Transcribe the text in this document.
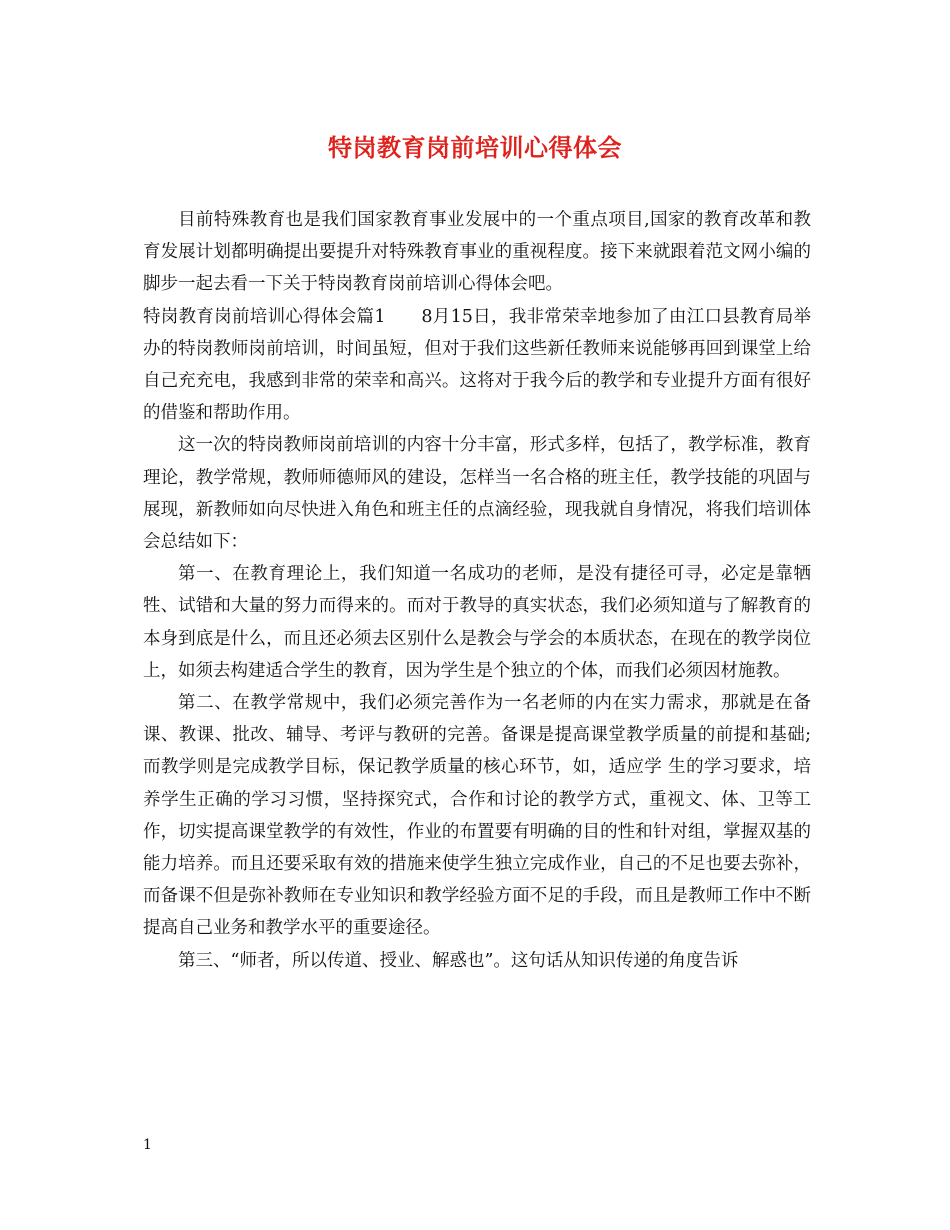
特岗教育岗前培训心得体会

目前特殊教育也是我们国家教育事业发展中的一个重点项目,国家的教育改革和教育发展计划都明确提出要提升对特殊教育事业的重视程度。接下来就跟着范文网小编的脚步一起去看一下关于特岗教育岗前培训心得体会吧。

特岗教育岗前培训心得体会篇1　　8月15日，我非常荣幸地参加了由江口县教育局举办的特岗教师岗前培训，时间虽短，但对于我们这些新任教师来说能够再回到课堂上给自己充充电，我感到非常的荣幸和高兴。这将对于我今后的教学和专业提升方面有很好的借鉴和帮助作用。

这一次的特岗教师岗前培训的内容十分丰富，形式多样，包括了，教学标准，教育理论，教学常规，教师师德师风的建设，怎样当一名合格的班主任，教学技能的巩固与展现，新教师如向尽快进入角色和班主任的点滴经验，现我就自身情况，将我们培训体会总结如下：

第一、在教育理论上，我们知道一名成功的老师，是没有捷径可寻，必定是靠牺牲、试错和大量的努力而得来的。而对于教导的真实状态，我们必须知道与了解教育的本身到底是什么，而且还必须去区别什么是教会与学会的本质状态，在现在的教学岗位上，如须去构建适合学生的教育，因为学生是个独立的个体，而我们必须因材施教。

第二、在教学常规中，我们必须完善作为一名老师的内在实力需求，那就是在备课、教课、批改、辅导、考评与教研的完善。备课是提高课堂教学质量的前提和基础;而教学则是完成教学目标，保记教学质量的核心环节，如，适应学 生的学习要求，培养学生正确的学习习惯，坚持探究式，合作和讨论的教学方式，重视文、体、卫等工作，切实提高课堂教学的有效性，作业的布置要有明确的目的性和针对组，掌握双基的能力培养。而且还要采取有效的措施来使学生独立完成作业，自己的不足也要去弥补，而备课不但是弥补教师在专业知识和教学经验方面不足的手段，而且是教师工作中不断提高自己业务和教学水平的重要途径。

第三、“师者，所以传道、授业、解惑也”。这句话从知识传递的角度告诉

1
